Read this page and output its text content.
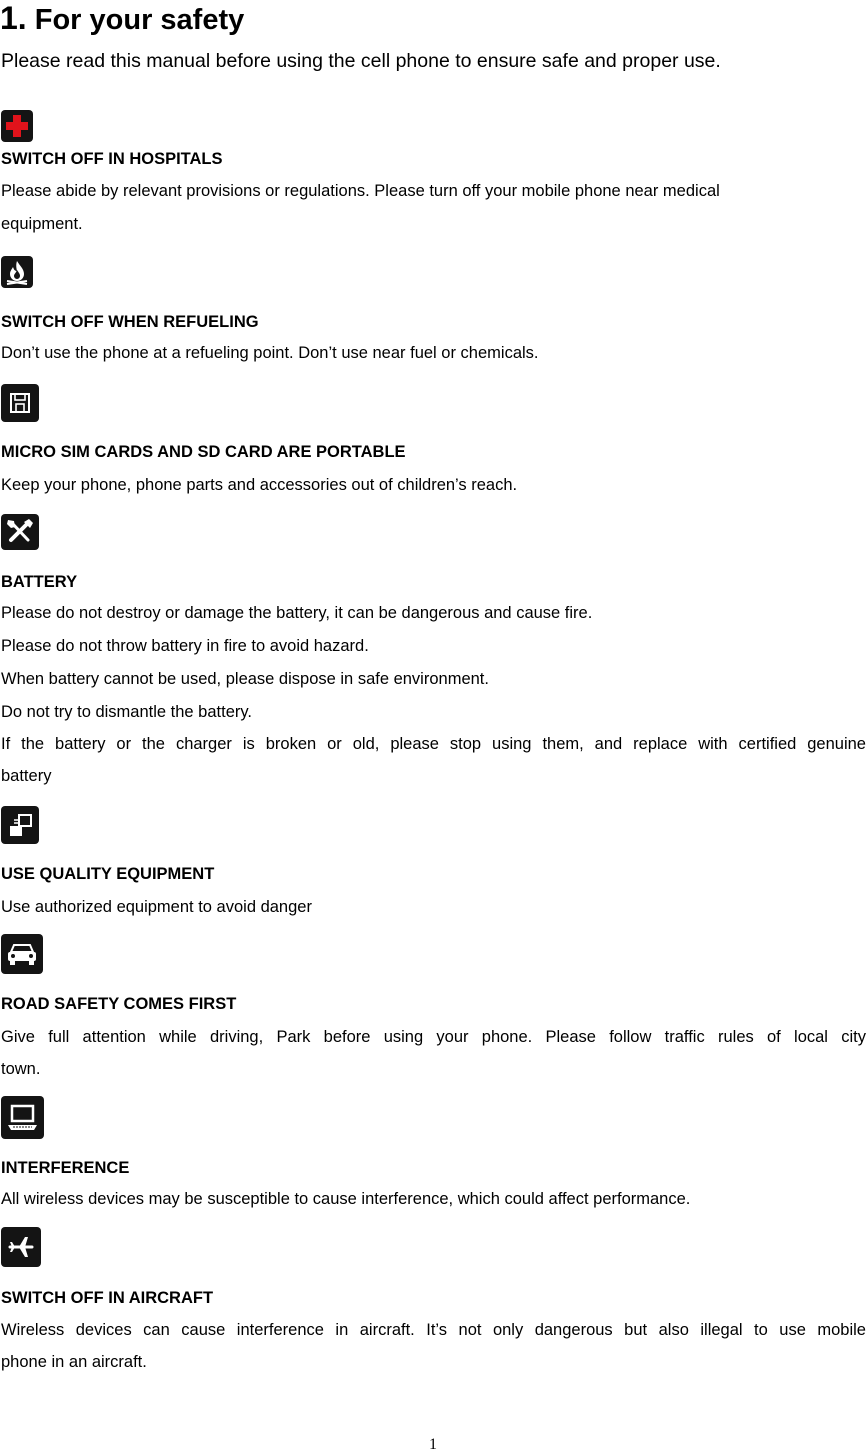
1. For your safety
Please read this manual before using the cell phone to ensure safe and proper use.
SWITCH OFF IN HOSPITALS
Please abide by relevant provisions or regulations. Please turn off your mobile phone near medical
equipment.
SWITCH OFF WHEN REFUELING
Don’t use the phone at a refueling point. Don’t use near fuel or chemicals.
MICRO SIM CARDS AND SD CARD ARE PORTABLE
Keep your phone, phone parts and accessories out of children’s reach.
BATTERY
Please do not destroy or damage the battery, it can be dangerous and cause fire.
Please do not throw battery in fire to avoid hazard.
When battery cannot be used, please dispose in safe environment.
Do not try to dismantle the battery.
If the battery or the charger is broken or old, please stop using them, and replace with certified genuine
battery
USE QUALITY EQUIPMENT
Use authorized equipment to avoid danger
ROAD SAFETY COMES FIRST
Give full attention while driving, Park before using your phone. Please follow traffic rules of local city
town.
INTERFERENCE
All wireless devices may be susceptible to cause interference, which could affect performance.
SWITCH OFF IN AIRCRAFT
Wireless devices can cause interference in aircraft. It’s not only dangerous but also illegal to use mobile
phone in an aircraft.
1
